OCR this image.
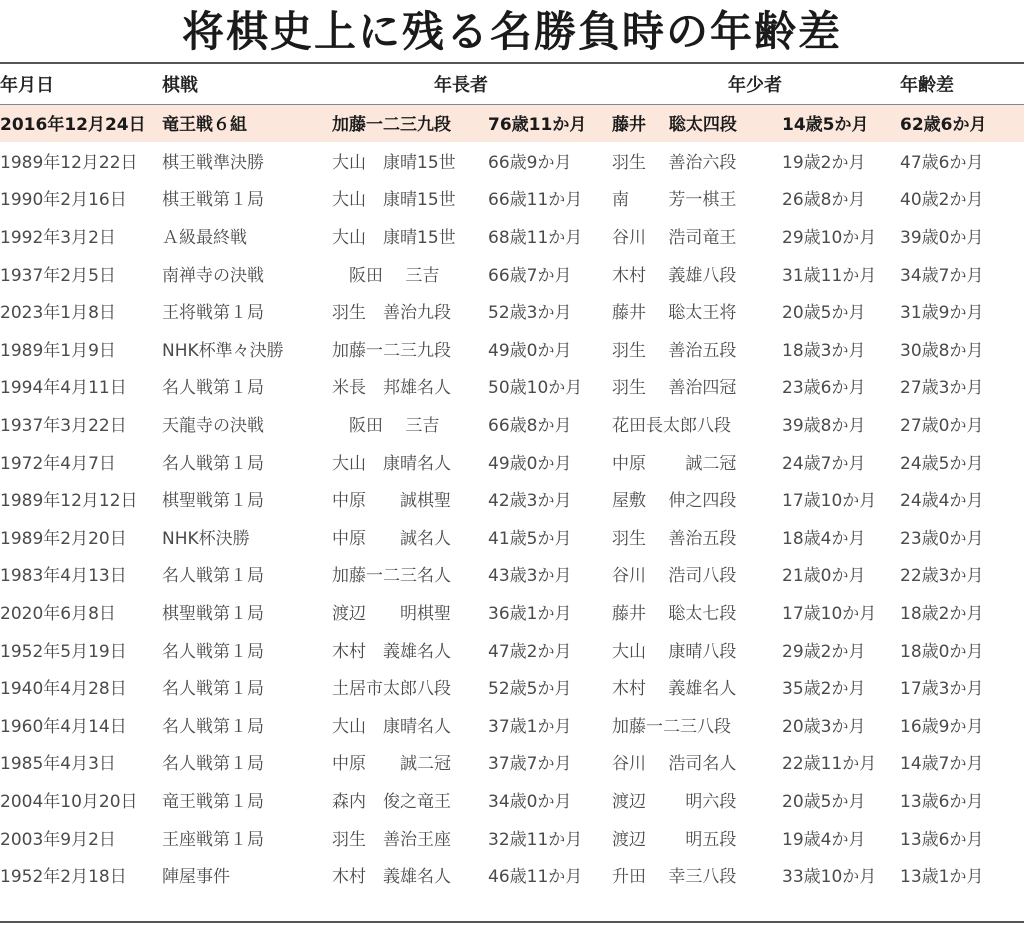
将棋史上に残る名勝負時の年齢差
年月日	棋戦	年長者		年少者		年齢差
2016年12月24日	竜王戦６組	加藤一二三九段	76歳11か月	藤井　 聡太四段	14歳5か月	62歳6か月
1989年12月22日	棋王戦準決勝	大山　康晴15世	66歳9か月	羽生　 善治六段	19歳2か月	47歳6か月
1990年2月16日	棋王戦第１局	大山　康晴15世	66歳11か月	南　　 芳一棋王	26歳8か月	40歳2か月
1992年3月2日	Ａ級最終戦	大山　康晴15世	68歳11か月	谷川　 浩司竜王	29歳10か月	39歳0か月
1937年2月5日	南禅寺の決戦	　阪田　 三吉	66歳7か月	木村　 義雄八段	31歳11か月	34歳7か月
2023年1月8日	王将戦第１局	羽生　善治九段	52歳3か月	藤井　 聡太王将	20歳5か月	31歳9か月
1989年1月9日	NHK杯準々決勝	加藤一二三九段	49歳0か月	羽生　 善治五段	18歳3か月	30歳8か月
1994年4月11日	名人戦第１局	米長　邦雄名人	50歳10か月	羽生　 善治四冠	23歳6か月	27歳3か月
1937年3月22日	天龍寺の決戦	　阪田　 三吉	66歳8か月	花田長太郎八段	39歳8か月	27歳0か月
1972年4月7日	名人戦第１局	大山　康晴名人	49歳0か月	中原　　 誠二冠	24歳7か月	24歳5か月
1989年12月12日	棋聖戦第１局	中原　　誠棋聖	42歳3か月	屋敷　 伸之四段	17歳10か月	24歳4か月
1989年2月20日	NHK杯決勝	中原　　誠名人	41歳5か月	羽生　 善治五段	18歳4か月	23歳0か月
1983年4月13日	名人戦第１局	加藤一二三名人	43歳3か月	谷川　 浩司八段	21歳0か月	22歳3か月
2020年6月8日	棋聖戦第１局	渡辺　　明棋聖	36歳1か月	藤井　 聡太七段	17歳10か月	18歳2か月
1952年5月19日	名人戦第１局	木村　義雄名人	47歳2か月	大山　 康晴八段	29歳2か月	18歳0か月
1940年4月28日	名人戦第１局	土居市太郎八段	52歳5か月	木村　 義雄名人	35歳2か月	17歳3か月
1960年4月14日	名人戦第１局	大山　康晴名人	37歳1か月	加藤一二三八段	20歳3か月	16歳9か月
1985年4月3日	名人戦第１局	中原　　誠二冠	37歳7か月	谷川　 浩司名人	22歳11か月	14歳7か月
2004年10月20日	竜王戦第１局	森内　俊之竜王	34歳0か月	渡辺　　 明六段	20歳5か月	13歳6か月
2003年9月2日	王座戦第１局	羽生　善治王座	32歳11か月	渡辺　　 明五段	19歳4か月	13歳6か月
1952年2月18日	陣屋事件	木村　義雄名人	46歳11か月	升田　 幸三八段	33歳10か月	13歳1か月
